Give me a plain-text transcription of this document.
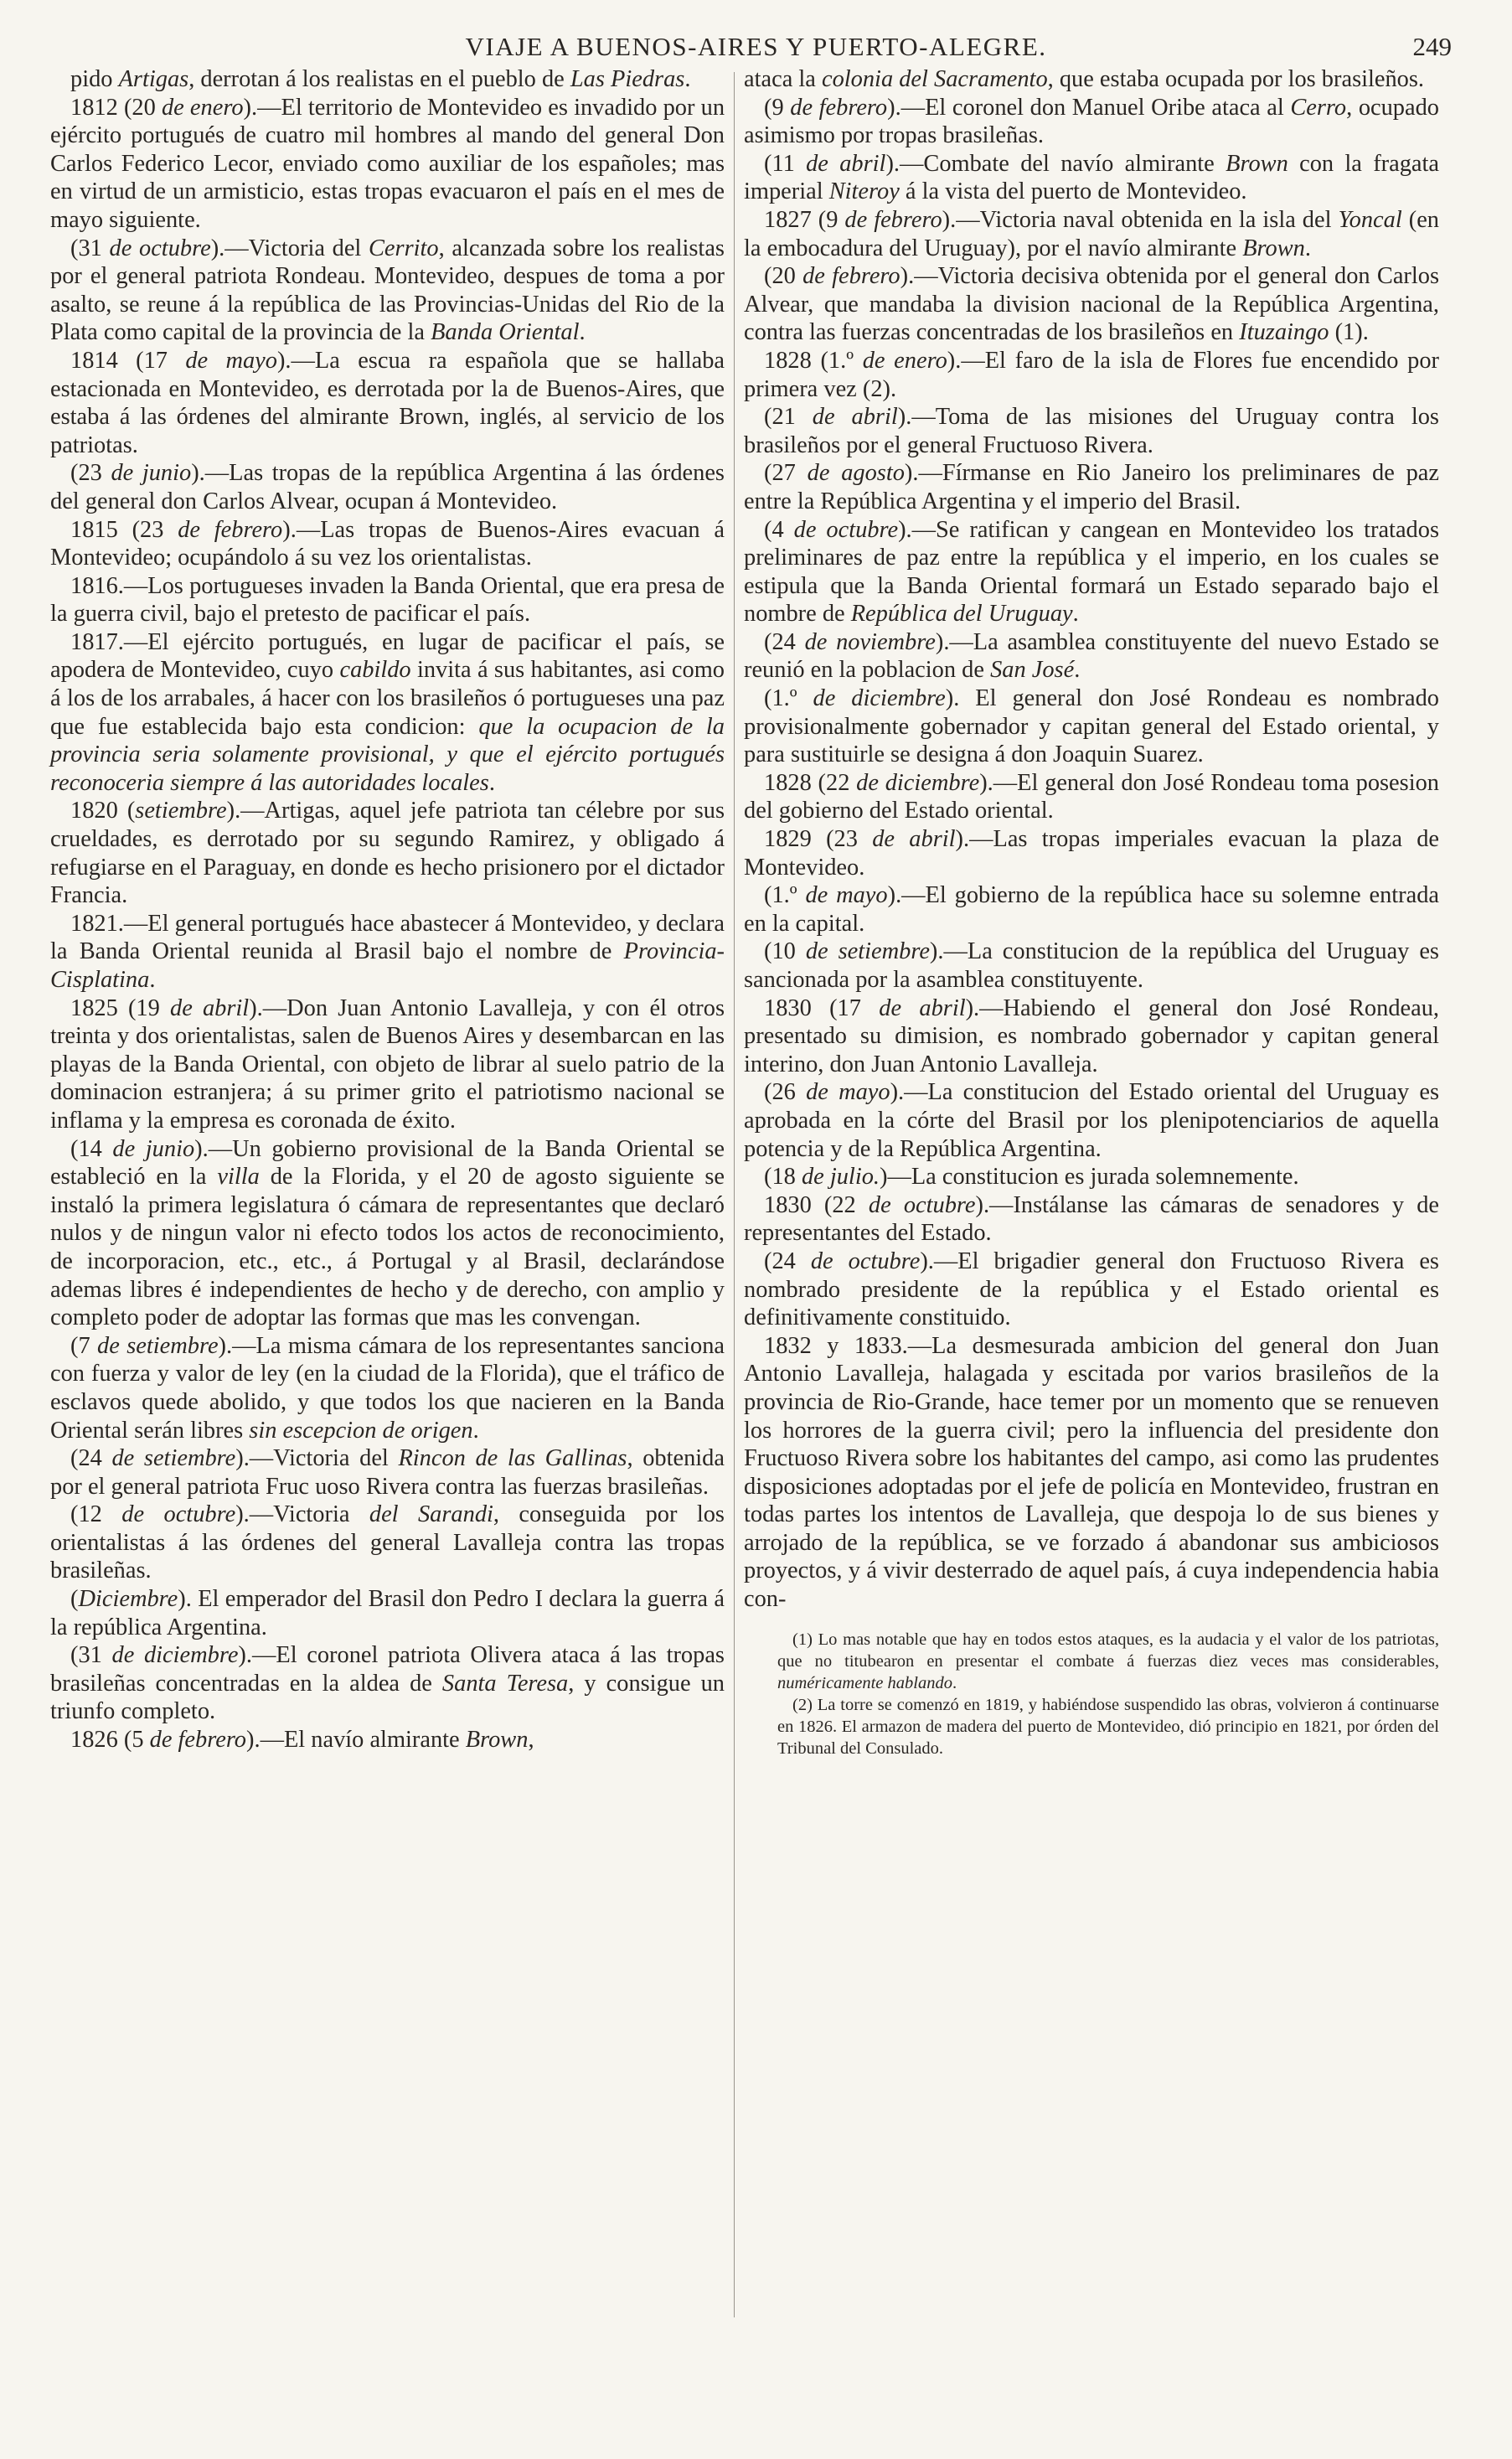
VIAJE A BUENOS-AIRES Y PUERTO-ALEGRE.	249

pido Artigas, derrotan á los realistas en el pueblo de Las Piedras.

1812 (20 de enero).—El territorio de Montevideo es invadido por un ejército portugués de cuatro mil hombres al mando del general Don Carlos Federico Lecor, enviado como auxiliar de los españoles; mas en virtud de un armisticio, estas tropas evacuaron el país en el mes de mayo siguiente.

(31 de octubre).—Victoria del Cerrito, alcanzada sobre los realistas por el general patriota Rondeau. Montevideo, despues de toma a por asalto, se reune á la república de las Provincias-Unidas del Rio de la Plata como capital de la provincia de la Banda Oriental.

1814 (17 de mayo).—La escua ra española que se hallaba estacionada en Montevideo, es derrotada por la de Buenos-Aires, que estaba á las órdenes del almirante Brown, inglés, al servicio de los patriotas.

(23 de junio).—Las tropas de la república Argentina á las órdenes del general don Carlos Alvear, ocupan á Montevideo.

1815 (23 de febrero).—Las tropas de Buenos-Aires evacuan á Montevideo; ocupándolo á su vez los orientalistas.

1816.—Los portugueses invaden la Banda Oriental, que era presa de la guerra civil, bajo el pretesto de pacificar el país.

1817.—El ejército portugués, en lugar de pacificar el país, se apodera de Montevideo, cuyo cabildo invita á sus habitantes, asi como á los de los arrabales, á hacer con los brasileños ó portugueses una paz que fue establecida bajo esta condicion: que la ocupacion de la provincia seria solamente provisional, y que el ejército portugués reconoceria siempre á las autoridades locales.

1820 (setiembre).—Artigas, aquel jefe patriota tan célebre por sus crueldades, es derrotado por su segundo Ramirez, y obligado á refugiarse en el Paraguay, en donde es hecho prisionero por el dictador Francia.

1821.—El general portugués hace abastecer á Montevideo, y declara la Banda Oriental reunida al Brasil bajo el nombre de Provincia-Cisplatina.

1825 (19 de abril).—Don Juan Antonio Lavalleja, y con él otros treinta y dos orientalistas, salen de Buenos Aires y desembarcan en las playas de la Banda Oriental, con objeto de librar al suelo patrio de la dominacion estranjera; á su primer grito el patriotismo nacional se inflama y la empresa es coronada de éxito.

(14 de junio).—Un gobierno provisional de la Banda Oriental se estableció en la villa de la Florida, y el 20 de agosto siguiente se instaló la primera legislatura ó cámara de representantes que declaró nulos y de ningun valor ni efecto todos los actos de reconocimiento, de incorporacion, etc., etc., á Portugal y al Brasil, declarándose ademas libres é independientes de hecho y de derecho, con amplio y completo poder de adoptar las formas que mas les convengan.

(7 de setiembre).—La misma cámara de los representantes sanciona con fuerza y valor de ley (en la ciudad de la Florida), que el tráfico de esclavos quede abolido, y que todos los que nacieren en la Banda Oriental serán libres sin escepcion de origen.

(24 de setiembre).—Victoria del Rincon de las Gallinas, obtenida por el general patriota Fruc uoso Rivera contra las fuerzas brasileñas.

(12 de octubre).—Victoria del Sarandi, conseguida por los orientalistas á las órdenes del general Lavalleja contra las tropas brasileñas.

(Diciembre). El emperador del Brasil don Pedro I declara la guerra á la república Argentina.

(31 de diciembre).—El coronel patriota Olivera ataca á las tropas brasileñas concentradas en la aldea de Santa Teresa, y consigue un triunfo completo.

1826 (5 de febrero).—El navío almirante Brown,

ataca la colonia del Sacramento, que estaba ocupada por los brasileños.

(9 de febrero).—El coronel don Manuel Oribe ataca al Cerro, ocupado asimismo por tropas brasileñas.

(11 de abril).—Combate del navío almirante Brown con la fragata imperial Niteroy á la vista del puerto de Montevideo.

1827 (9 de febrero).—Victoria naval obtenida en la isla del Yoncal (en la embocadura del Uruguay), por el navío almirante Brown.

(20 de febrero).—Victoria decisiva obtenida por el general don Carlos Alvear, que mandaba la division nacional de la República Argentina, contra las fuerzas concentradas de los brasileños en Ituzaingo (1).

1828 (1.º de enero).—El faro de la isla de Flores fue encendido por primera vez (2).

(21 de abril).—Toma de las misiones del Uruguay contra los brasileños por el general Fructuoso Rivera.

(27 de agosto).—Fírmanse en Rio Janeiro los preliminares de paz entre la República Argentina y el imperio del Brasil.

(4 de octubre).—Se ratifican y cangean en Montevideo los tratados preliminares de paz entre la república y el imperio, en los cuales se estipula que la Banda Oriental formará un Estado separado bajo el nombre de República del Uruguay.

(24 de noviembre).—La asamblea constituyente del nuevo Estado se reunió en la poblacion de San José.

(1.º de diciembre). El general don José Rondeau es nombrado provisionalmente gobernador y capitan general del Estado oriental, y para sustituirle se designa á don Joaquin Suarez.

1828 (22 de diciembre).—El general don José Rondeau toma posesion del gobierno del Estado oriental.

1829 (23 de abril).—Las tropas imperiales evacuan la plaza de Montevideo.

(1.º de mayo).—El gobierno de la república hace su solemne entrada en la capital.

(10 de setiembre).—La constitucion de la república del Uruguay es sancionada por la asamblea constituyente.

1830 (17 de abril).—Habiendo el general don José Rondeau, presentado su dimision, es nombrado gobernador y capitan general interino, don Juan Antonio Lavalleja.

(26 de mayo).—La constitucion del Estado oriental del Uruguay es aprobada en la córte del Brasil por los plenipotenciarios de aquella potencia y de la República Argentina.

(18 de julio.)—La constitucion es jurada solemnemente.

1830 (22 de octubre).—Instálanse las cámaras de senadores y de representantes del Estado.

(24 de octubre).—El brigadier general don Fructuoso Rivera es nombrado presidente de la república y el Estado oriental es definitivamente constituido.

1832 y 1833.—La desmesurada ambicion del general don Juan Antonio Lavalleja, halagada y escitada por varios brasileños de la provincia de Rio-Grande, hace temer por un momento que se renueven los horrores de la guerra civil; pero la influencia del presidente don Fructuoso Rivera sobre los habitantes del campo, asi como las prudentes disposiciones adoptadas por el jefe de policía en Montevideo, frustran en todas partes los intentos de Lavalleja, que despoja lo de sus bienes y arrojado de la república, se ve forzado á abandonar sus ambiciosos proyectos, y á vivir desterrado de aquel país, á cuya independencia habia con-

(1) Lo mas notable que hay en todos estos ataques, es la audacia y el valor de los patriotas, que no titubearon en presentar el combate á fuerzas diez veces mas considerables, numéricamente hablando.

(2) La torre se comenzó en 1819, y habiéndose suspendido las obras, volvieron á continuarse en 1826. El armazon de madera del puerto de Montevideo, dió principio en 1821, por órden del Tribunal del Consulado.
